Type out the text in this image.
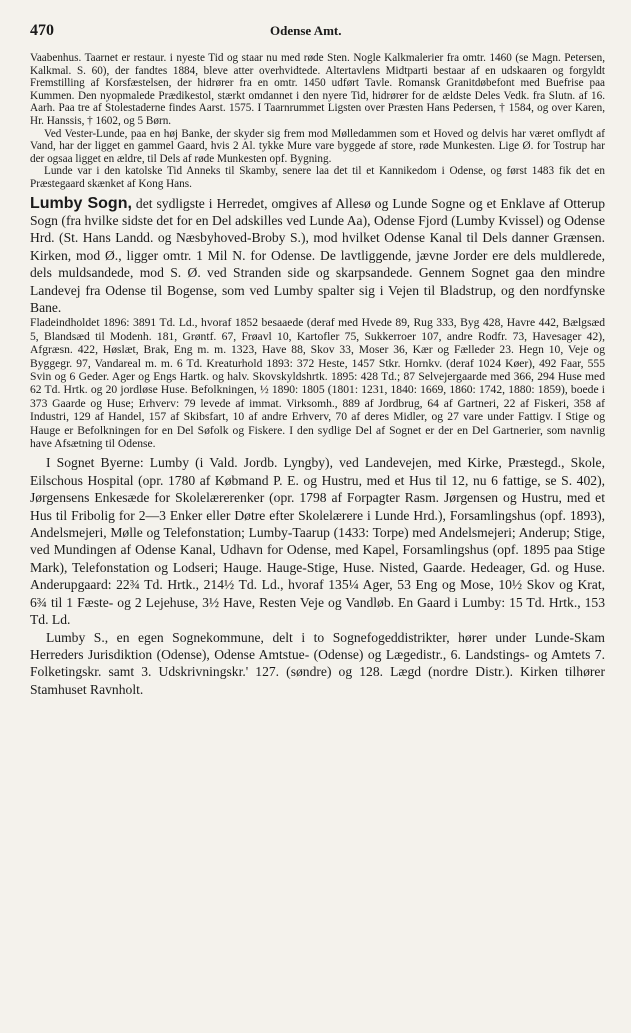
470	Odense Amt.

Vaabenhus. Taarnet er restaur. i nyeste Tid og staar nu med røde Sten. Nogle Kalkmalerier fra omtr. 1460 (se Magn. Petersen, Kalkmal. S. 60), der fandtes 1884, bleve atter overhvidtede. Altertavlens Midtparti bestaar af en udskaaren og forgyldt Fremstilling af Korsfæstelsen, der hidrører fra en omtr. 1450 udført Tavle. Romansk Granitdøbefont med Buefrise paa Kummen. Den nyopmalede Prædikestol, stærkt omdannet i den nyere Tid, hidrører for de ældste Deles Vedk. fra Slutn. af 16. Aarh. Paa tre af Stolestaderne findes Aarst. 1575. I Taarnrummet Ligsten over Præsten Hans Pedersen, † 1584, og over Karen, Hr. Hanssis, † 1602, og 5 Børn.

Ved Vester-Lunde, paa en høj Banke, der skyder sig frem mod Mølledammen som et Hoved og delvis har været omflydt af Vand, har der ligget en gammel Gaard, hvis 2 Al. tykke Mure vare byggede af store, røde Munkesten. Lige Ø. for Tostrup har der ogsaa ligget en ældre, til Dels af røde Munkesten opf. Bygning.

Lunde var i den katolske Tid Anneks til Skamby, senere laa det til et Kannikedom i Odense, og først 1483 fik det en Præstegaard skænket af Kong Hans.

Lumby Sogn, det sydligste i Herredet, omgives af Allesø og Lunde Sogne og et Enklave af Otterup Sogn (fra hvilke sidste det for en Del adskilles ved Lunde Aa), Odense Fjord (Lumby Kvissel) og Odense Hrd. (St. Hans Landd. og Næsbyhoved-Broby S.), mod hvilket Odense Kanal til Dels danner Grænsen. Kirken, mod Ø., ligger omtr. 1 Mil N. for Odense. De lavtliggende, jævne Jorder ere dels muldlerede, dels muldsandede, mod S. Ø. ved Stranden side og skarpsandede. Gennem Sognet gaa den mindre Landevej fra Odense til Bogense, som ved Lumby spalter sig i Vejen til Bladstrup, og den nordfynske Bane.

Fladeindholdet 1896: 3891 Td. Ld., hvoraf 1852 besaaede (deraf med Hvede 89, Rug 333, Byg 428, Havre 442, Bælgsæd 5, Blandsæd til Modenh. 181, Grøntf. 67, Frøavl 10, Kartofler 75, Sukkerroer 107, andre Rodfr. 73, Havesager 42), Afgræsn. 422, Høslæt, Brak, Eng m. m. 1323, Have 88, Skov 33, Moser 36, Kær og Fælleder 23. Hegn 10, Veje og Byggegr. 97, Vandareal m. m. 6 Td. Kreaturhold 1893: 372 Heste, 1457 Stkr. Hornkv. (deraf 1024 Køer), 492 Faar, 555 Svin og 6 Geder. Ager og Engs Hartk. og halv. Skovskyldshrtk. 1895: 428 Td.; 87 Selvejergaarde med 366, 294 Huse med 62 Td. Hrtk. og 20 jordløse Huse. Befolkningen, ½ 1890: 1805 (1801: 1231, 1840: 1669, 1860: 1742, 1880: 1859), boede i 373 Gaarde og Huse; Erhverv: 79 levede af immat. Virksomh., 889 af Jordbrug, 64 af Gartneri, 22 af Fiskeri, 358 af Industri, 129 af Handel, 157 af Skibsfart, 10 af andre Erhverv, 70 af deres Midler, og 27 vare under Fattigv. I Stige og Hauge er Befolkningen for en Del Søfolk og Fiskere. I den sydlige Del af Sognet er der en Del Gartnerier, som navnlig have Afsætning til Odense.

I Sognet Byerne: Lumby (i Vald. Jordb. Lyngby), ved Landevejen, med Kirke, Præstegd., Skole, Eilschous Hospital (opr. 1780 af Købmand P. E. og Hustru, med et Hus til 12, nu 6 fattige, se S. 402), Jørgensens Enkesæde for Skolelærerenker (opr. 1798 af Forpagter Rasm. Jørgensen og Hustru, med et Hus til Fribolig for 2—3 Enker eller Døtre efter Skolelærere i Lunde Hrd.), Forsamlingshus (opf. 1893), Andelsmejeri, Mølle og Telefonstation; Lumby-Taarup (1433: Torpe) med Andelsmejeri; Anderup; Stige, ved Mundingen af Odense Kanal, Udhavn for Odense, med Kapel, Forsamlingshus (opf. 1895 paa Stige Mark), Telefonstation og Lodseri; Hauge. Hauge-Stige, Huse. Nisted, Gaarde. Hedeager, Gd. og Huse. Anderupgaard: 22¾ Td. Hrtk., 214½ Td. Ld., hvoraf 135¼ Ager, 53 Eng og Mose, 10½ Skov og Krat, 6¾ til 1 Fæste- og 2 Lejehuse, 3½ Have, Resten Veje og Vandløb. En Gaard i Lumby: 15 Td. Hrtk., 153 Td. Ld.

Lumby S., en egen Sognekommune, delt i to Sognefogeddistrikter, hører under Lunde-Skam Herreders Jurisdiktion (Odense), Odense Amtstue- (Odense) og Lægedistr., 6. Landstings- og Amtets 7. Folketingskr. samt 3. Udskrivningskr.' 127. (søndre) og 128. Lægd (nordre Distr.). Kirken tilhører Stamhuset Ravnholt.
